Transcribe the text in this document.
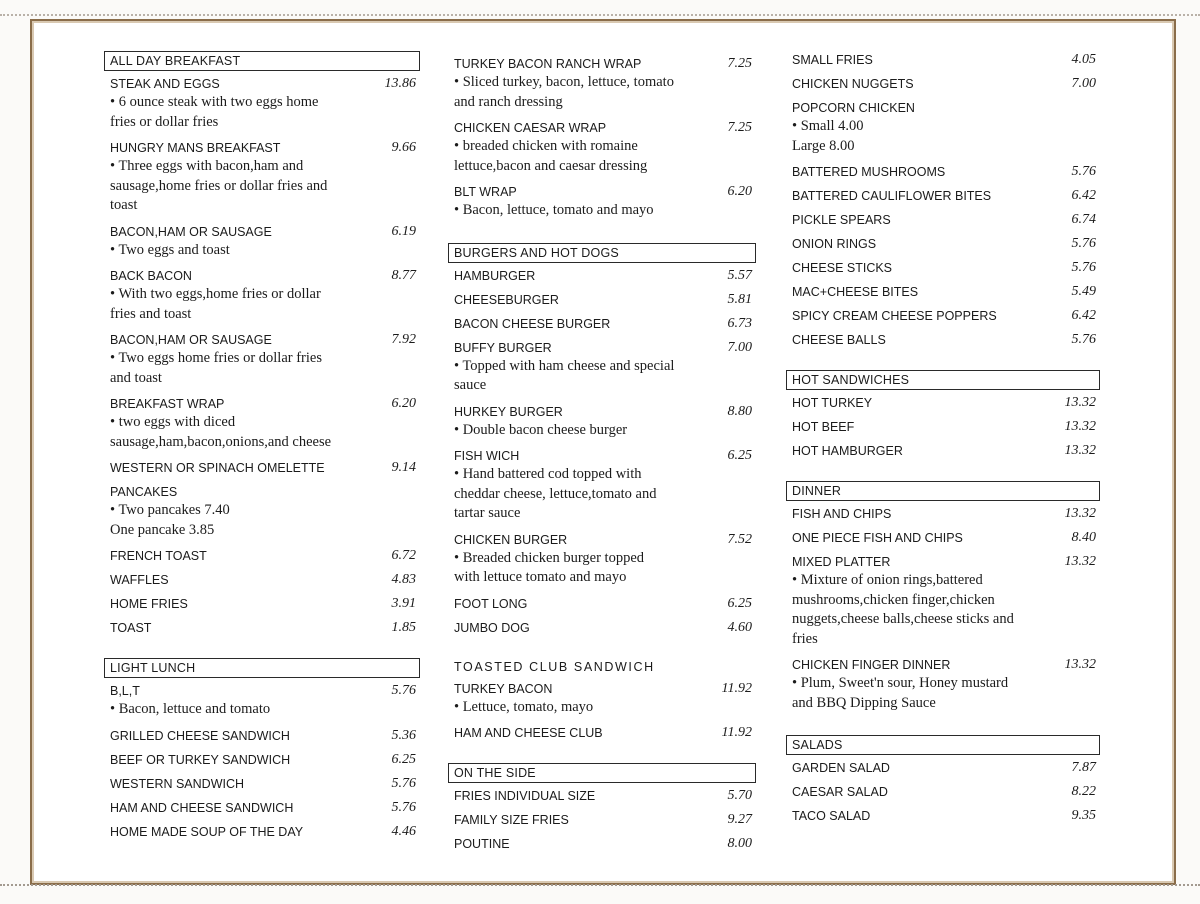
ALL DAY BREAKFAST
STEAK AND EGGS	13.86
• 6 ounce steak with two eggs home
fries or dollar fries
HUNGRY MANS BREAKFAST	9.66
• Three eggs with bacon,ham and
sausage,home fries or dollar fries and
toast
BACON,HAM OR SAUSAGE	6.19
• Two eggs and toast
BACK BACON	8.77
• With two eggs,home fries or dollar
fries and toast
BACON,HAM OR SAUSAGE	7.92
• Two eggs home fries or dollar fries
and toast
BREAKFAST WRAP	6.20
• two eggs with diced
sausage,ham,bacon,onions,and cheese
WESTERN OR SPINACH OMELETTE	9.14
PANCAKES
• Two pancakes 7.40
One pancake 3.85
FRENCH TOAST	6.72
WAFFLES	4.83
HOME FRIES	3.91
TOAST	1.85
LIGHT LUNCH
B,L,T	5.76
• Bacon, lettuce and tomato
GRILLED CHEESE SANDWICH	5.36
BEEF OR TURKEY SANDWICH	6.25
WESTERN SANDWICH	5.76
HAM AND CHEESE SANDWICH	5.76
HOME MADE SOUP OF THE DAY	4.46
TURKEY BACON RANCH WRAP	7.25
• Sliced turkey, bacon, lettuce, tomato
and ranch dressing
CHICKEN CAESAR WRAP	7.25
• breaded chicken with romaine
lettuce,bacon and caesar dressing
BLT WRAP	6.20
• Bacon, lettuce, tomato and mayo
BURGERS AND HOT DOGS
HAMBURGER	5.57
CHEESEBURGER	5.81
BACON CHEESE BURGER	6.73
BUFFY BURGER	7.00
• Topped with ham cheese and special
sauce
HURKEY BURGER	8.80
• Double bacon cheese burger
FISH WICH	6.25
• Hand battered cod topped with
cheddar cheese, lettuce,tomato and
tartar sauce
CHICKEN BURGER	7.52
• Breaded chicken burger topped
with lettuce tomato and mayo
FOOT LONG	6.25
JUMBO DOG	4.60
TOASTED CLUB SANDWICH
TURKEY BACON	11.92
• Lettuce, tomato, mayo
HAM AND CHEESE CLUB	11.92
ON THE SIDE
FRIES INDIVIDUAL SIZE	5.70
FAMILY SIZE FRIES	9.27
POUTINE	8.00
SMALL FRIES	4.05
CHICKEN NUGGETS	7.00
POPCORN CHICKEN
• Small 4.00
Large 8.00
BATTERED MUSHROOMS	5.76
BATTERED CAULIFLOWER BITES	6.42
PICKLE SPEARS	6.74
ONION RINGS	5.76
CHEESE STICKS	5.76
MAC+CHEESE BITES	5.49
SPICY CREAM CHEESE POPPERS	6.42
CHEESE BALLS	5.76
HOT SANDWICHES
HOT TURKEY	13.32
HOT BEEF	13.32
HOT HAMBURGER	13.32
DINNER
FISH AND CHIPS	13.32
ONE PIECE FISH AND CHIPS	8.40
MIXED PLATTER	13.32
• Mixture of onion rings,battered
mushrooms,chicken finger,chicken
nuggets,cheese balls,cheese sticks and
fries
CHICKEN FINGER DINNER	13.32
• Plum, Sweet'n sour, Honey mustard
and BBQ Dipping Sauce
SALADS
GARDEN SALAD	7.87
CAESAR SALAD	8.22
TACO SALAD	9.35
